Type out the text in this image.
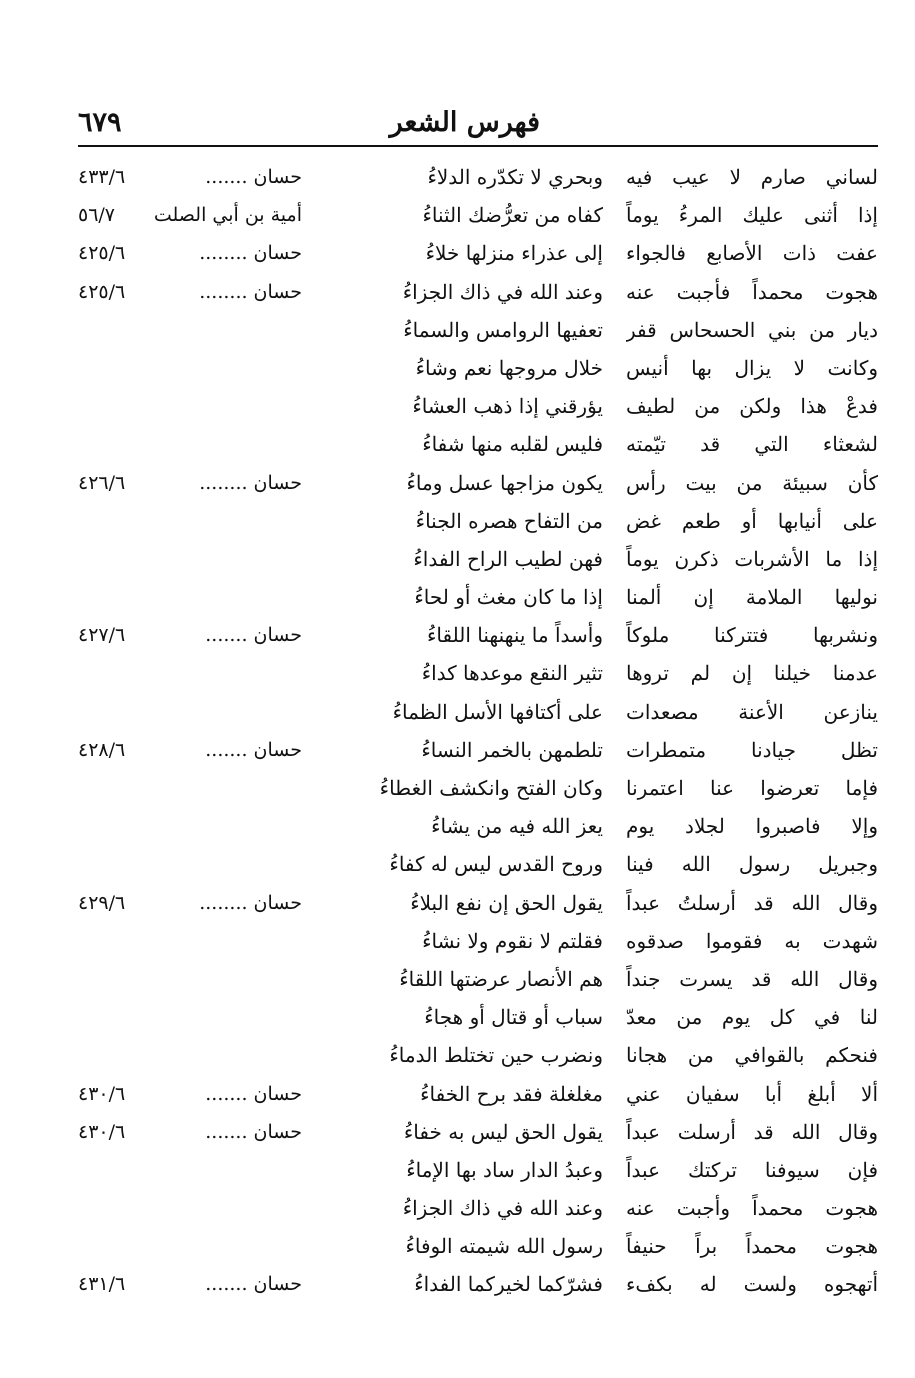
٦٧٩	فهرس الشعر
لساني صارم لا عيب فيه
وبحري لا تكدّره الدلاءُ
حسان .......
٤٣٣/٦
إذا أثنى عليك المرءُ يوماً
كفاه من تعرُّضك الثناءُ
أمية بن أبي الصلت
٥٦/٧
عفت ذات الأصابع فالجواء
إلى عذراء منزلها خلاءُ
حسان ........
٤٢٥/٦
هجوت محمداً فأجبت عنه
وعند الله في ذاك الجزاءُ
حسان ........
٤٢٥/٦
ديار من بني الحسحاس قفر
تعفيها الروامس والسماءُ
وكانت لا يزال بها أنيس
خلال مروجها نعم وشاءُ
فدعْ هذا ولكن من لطيف
يؤرقني إذا ذهب العشاءُ
لشعثاء التي قد تيّمته
فليس لقلبه منها شفاءُ
كأن سبيئة من بيت رأس
يكون مزاجها عسل وماءُ
حسان ........
٤٢٦/٦
على أنيابها أو طعم غض
من التفاح هصره الجناءُ
إذا ما الأشربات ذكرن يوماً
فهن لطيب الراح الفداءُ
نوليها الملامة إن ألمنا
إذا ما كان مغث أو لحاءُ
ونشربها فتتركنا ملوكاً
وأسداً ما ينهنهنا اللقاءُ
حسان .......
٤٢٧/٦
عدمنا خيلنا إن لم تروها
تثير النقع موعدها كداءُ
ينازعن الأعنة مصعدات
على أكتافها الأسل الظماءُ
تظل جيادنا متمطرات
تلطمهن بالخمر النساءُ
حسان .......
٤٢٨/٦
فإما تعرضوا عنا اعتمرنا
وكان الفتح وانكشف الغطاءُ
وإلا فاصبروا لجلاد يوم
يعز الله فيه من يشاءُ
وجبريل رسول الله فينا
وروح القدس ليس له كفاءُ
وقال الله قد أرسلتُ عبداً
يقول الحق إن نفع البلاءُ
حسان ........
٤٢٩/٦
شهدت به فقوموا صدقوه
فقلتم لا نقوم ولا نشاءُ
وقال الله قد يسرت جنداً
هم الأنصار عرضتها اللقاءُ
لنا في كل يوم من معدّ
سباب أو قتال أو هجاءُ
فنحكم بالقوافي من هجانا
ونضرب حين تختلط الدماءُ
ألا أبلغ أبا سفيان عني
مغلغلة فقد برح الخفاءُ
حسان .......
٤٣٠/٦
وقال الله قد أرسلت عبداً
يقول الحق ليس به خفاءُ
حسان .......
٤٣٠/٦
فإن سيوفنا تركتك عبداً
وعبدُ الدار ساد بها الإماءُ
هجوت محمداً وأجبت عنه
وعند الله في ذاك الجزاءُ
هجوت محمداً براً حنيفاً
رسول الله شيمته الوفاءُ
أتهجوه ولست له بكفء
فشرّكما لخيركما الفداءُ
حسان .......
٤٣١/٦
